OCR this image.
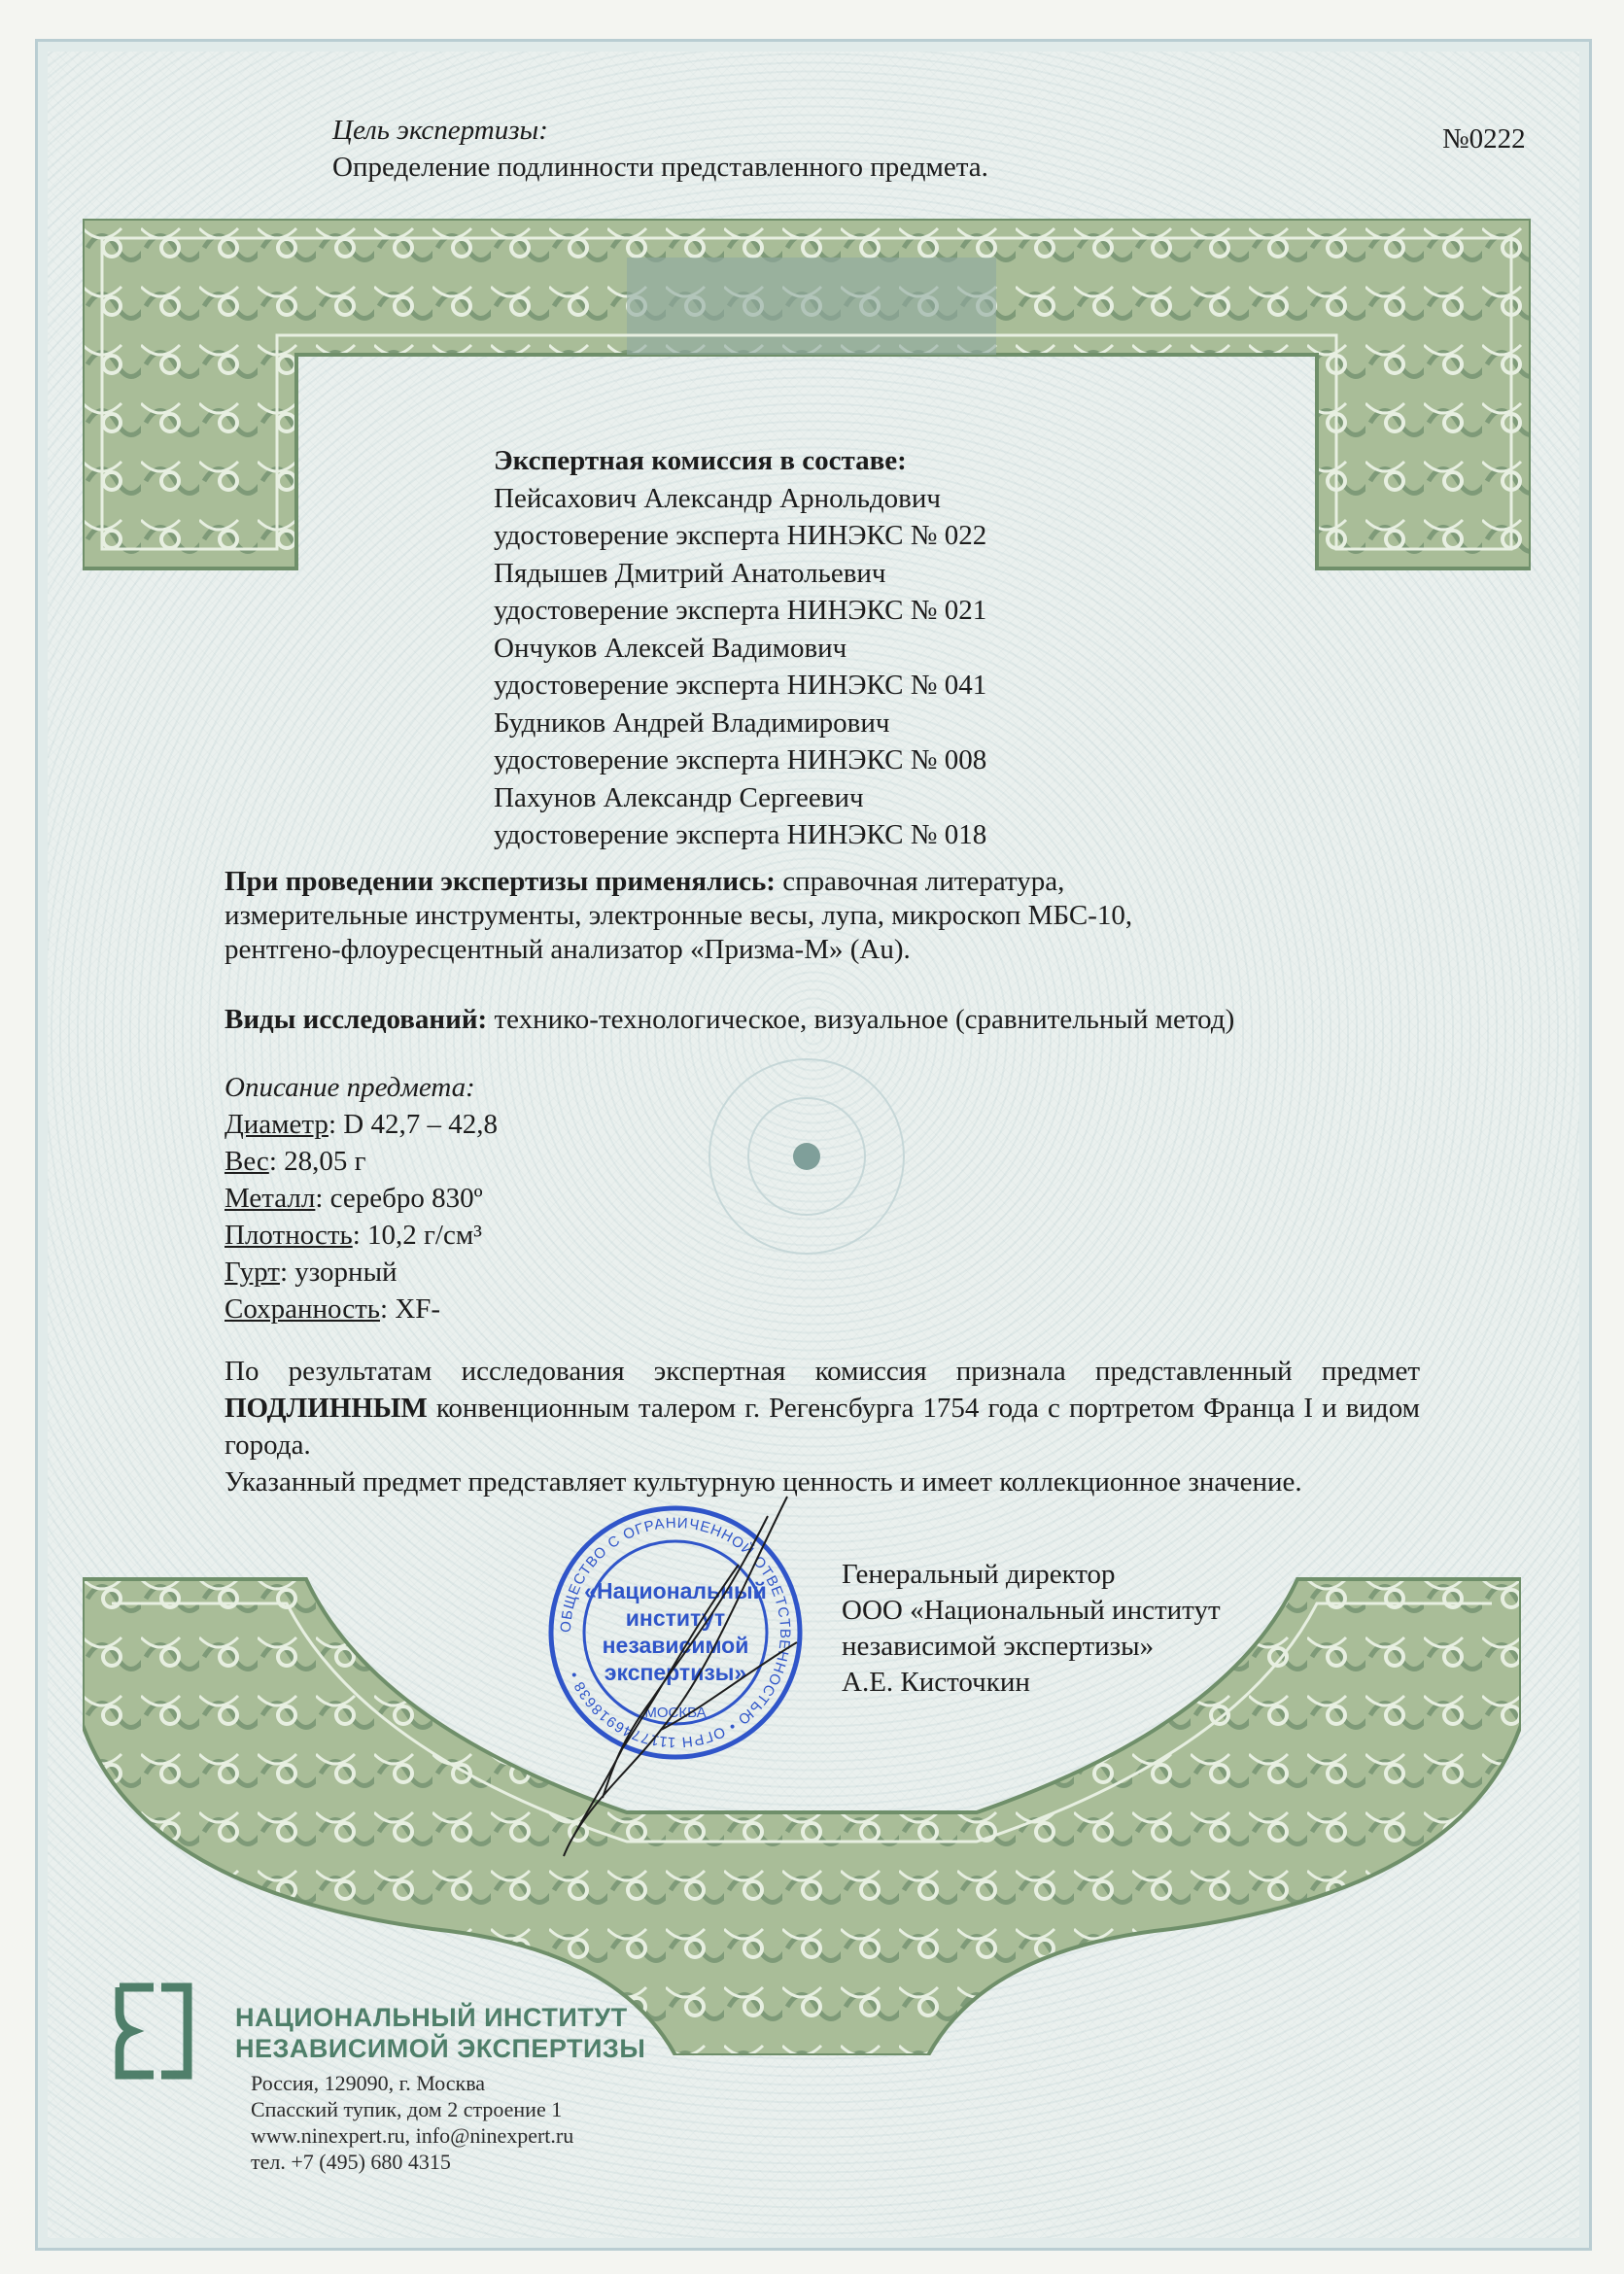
Цель экспертизы:
Определение подлинности представленного предмета.
№0222
Экспертная комиссия в составе:
Пейсахович Александр Арнольдович
удостоверение эксперта НИНЭКС № 022
Пядышев Дмитрий Анатольевич
удостоверение эксперта НИНЭКС № 021
Ончуков Алексей Вадимович
удостоверение эксперта НИНЭКС № 041
Будников Андрей Владимирович
удостоверение эксперта НИНЭКС № 008
Пахунов Александр Сергеевич
удостоверение эксперта НИНЭКС № 018
При проведении экспертизы применялись: справочная литература,
измерительные инструменты, электронные весы, лупа, микроскоп МБС-10,
рентгено-флоуресцентный анализатор «Призма-М» (Au).
Виды исследований: технико-технологическое, визуальное (сравнительный метод)
Описание предмета:
Диаметр: D 42,7 – 42,8
Вес: 28,05 г
Металл: серебро 830º
Плотность: 10,2 г/см³
Гурт: узорный
Сохранность: XF-

По результатам исследования экспертная комиссия признала представленный предмет ПОДЛИННЫМ конвенционным талером г. Регенсбурга 1754 года с портретом Франца I и видом города.

Указанный предмет представляет культурную ценность и имеет коллекционное значение.

Генеральный директор
ООО «Национальный институт
независимой экспертизы»
А.Е. Кисточкин
ОБЩЕСТВО С ОГРАНИЧЕННОЙ ОТВЕТСТВЕННОСТЬЮ • ОГРН 1117746918638 •
«Национальный
институт
независимой
экспертизы»
МОСКВА
НАЦИОНАЛЬНЫЙ ИНСТИТУТ
НЕЗАВИСИМОЙ ЭКСПЕРТИЗЫ
Россия, 129090, г. Москва
Спасский тупик, дом 2 строение 1
www.ninexpert.ru, info@ninexpert.ru
тел. +7 (495) 680 4315
